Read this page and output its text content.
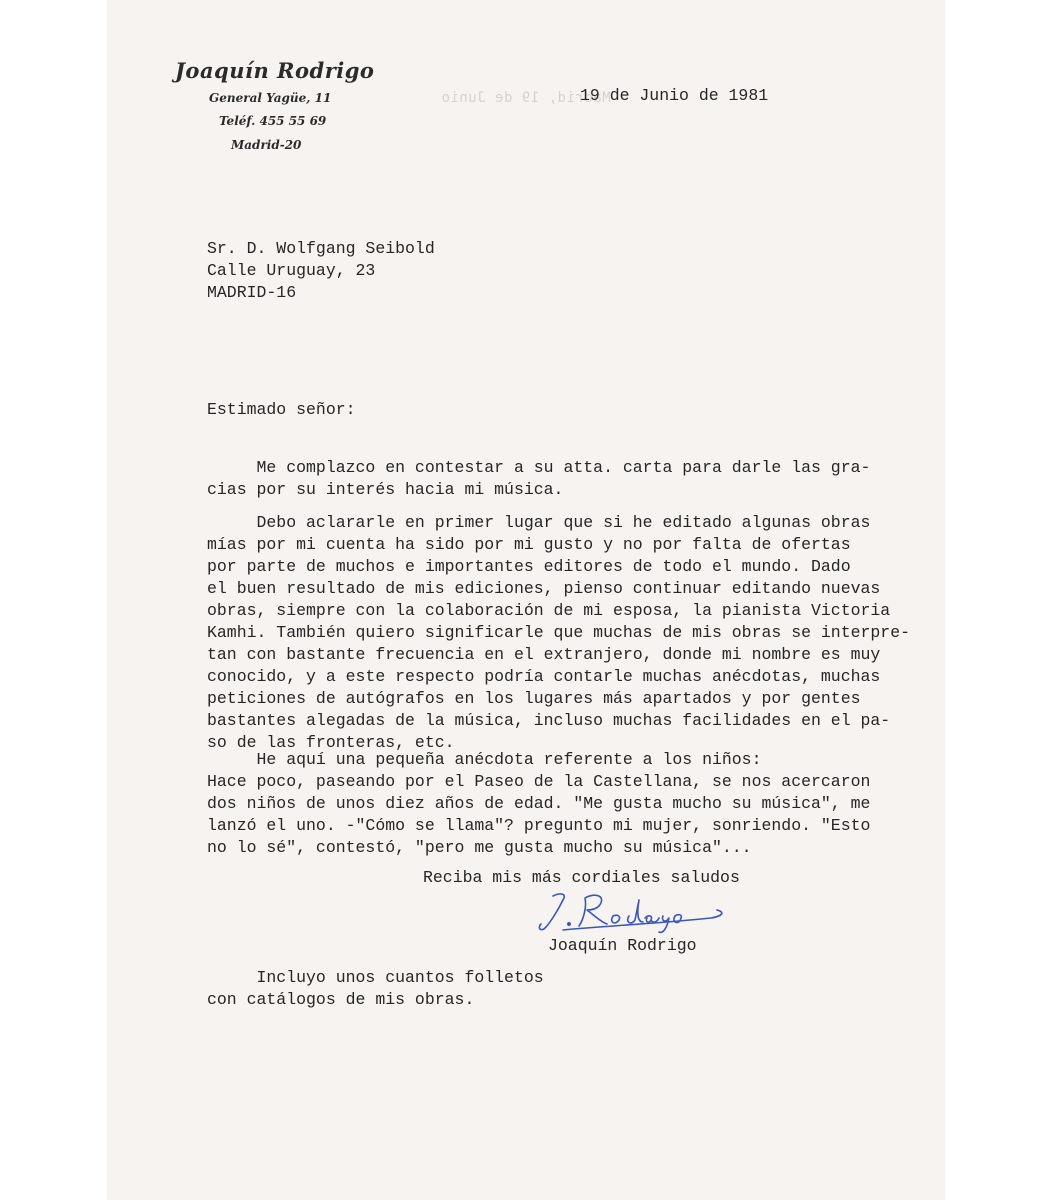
Joaquín Rodrigo
General Yagüe, 11
Teléf. 455 55 69
Madrid-20
Madrid, 19 de Junio
19 de Junio de 1981
Sr. D. Wolfgang Seibold
Calle Uruguay, 23
MADRID-16
Estimado señor:
Me complazco en contestar a su atta. carta para darle las gra-
cias por su interés hacia mi música.
Debo aclararle en primer lugar que si he editado algunas obras
mías por mi cuenta ha sido por mi gusto y no por falta de ofertas
por parte de muchos e importantes editores de todo el mundo. Dado
el buen resultado de mis ediciones, pienso continuar editando nuevas
obras, siempre con la colaboración de mi esposa, la pianista Victoria
Kamhi. También quiero significarle que muchas de mis obras se interpre-
tan con bastante frecuencia en el extranjero, donde mi nombre es muy
conocido, y a este respecto podría contarle muchas anécdotas, muchas
peticiones de autógrafos en los lugares más apartados y por gentes
bastantes alegadas de la música, incluso muchas facilidades en el pa-
so de las fronteras, etc.
He aquí una pequeña anécdota referente a los niños:
Hace poco, paseando por el Paseo de la Castellana, se nos acercaron
dos niños de unos diez años de edad. "Me gusta mucho su música", me
lanzó el uno. -"Cómo se llama"? pregunto mi mujer, sonriendo. "Esto
no lo sé", contestó, "pero me gusta mucho su música"...
Reciba mis más cordiales saludos
Joaquín Rodrigo
Incluyo unos cuantos folletos
con catálogos de mis obras.
